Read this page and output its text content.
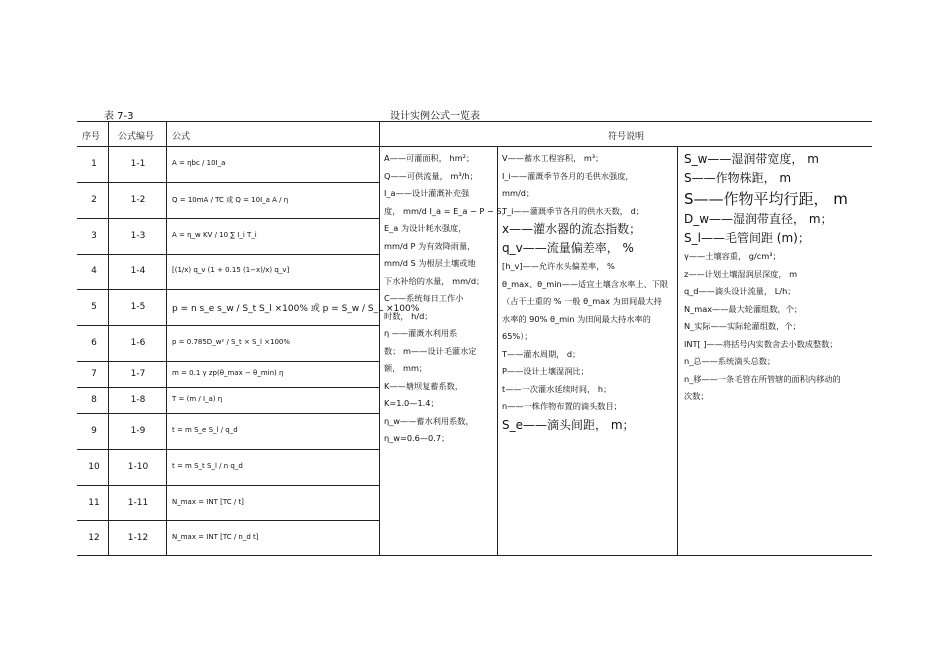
表 7-3	设计实例公式一览表
序号 公式编号 公式	符号说明
1	1-1	A = ηbc / 10I_a
2	1-2	Q = 10mA / TC 或 Q = 10I_a A / η
3	1-3	A = η_w KV / 10 ∑ I_i T_i
4	1-4	[(1/x) q_v (1 + 0.15 (1−x)/x) q_v]
5	1-5	p = n s_e s_w / S_t S_l ×100% 或 p = S_w / S_L ×100%
6	1-6	p = 0.785D_w² / S_t × S_l ×100%
7	1-7	m = 0.1 γ zp(θ_max − θ_min) η
8	1-8	T = (m / I_a) η
9	1-9	t = m S_e S_l / q_d
10	1-10	t = m S_t S_l / n q_d
11	1-11	N_max = INT [TC / t]
12	1-12	N_max = INT [TC / n_d t]
A——可灌面积， hm²；
Q——可供流量， m³/h；
I_a——设计灌溉补充强
度， mm/d I_a = E_a − P − S，
E_a 为设计耗水强度，
mm/d P 为有效降雨量，
mm/d S 为根层土壤或地
下水补给的水量， mm/d；
C——系统每日工作小
时数， h/d；
η ——灌溉水利用系
数； m——设计毛灌水定
额， mm；
K——塘坝复蓄系数，
K=1.0—1.4；
η_w——蓄水利用系数，
η_w=0.6—0.7；
V——蓄水工程容积， m³；
I_i——灌溉季节各月的毛供水强度，
mm/d；
T_i——灌溉季节各月的供水天数， d；
x——灌水器的流态指数；
q_v——流量偏差率， %
[h_v]——允许水头偏差率， %
θ_max、θ_min——适宜土壤含水率上、下限
（占干土重的 % 一般 θ_max 为田间最大持
水率的 90% θ_min 为田间最大持水率的
65%）；
T——灌水周期， d；
P——设计土壤湿润比；
t——一次灌水延续时间， h；
n——一株作物布置的滴头数目；
S_e——滴头间距， m；
S_w——湿润带宽度， m
S——作物株距， m
S——作物平均行距， m
D_w——湿润带直径， m；
S_l——毛管间距 (m)；
γ——土壤容重， g/cm³；
z——计划土壤湿润层深度， m
q_d——滴头设计流量， L/h；
N_max——最大轮灌组数，个；
N_实际——实际轮灌组数，个；
INT[ ]——将括号内实数舍去小数成整数；
n_总——系统滴头总数；
n_移——一条毛管在所管辖的面积内移动的
次数；
